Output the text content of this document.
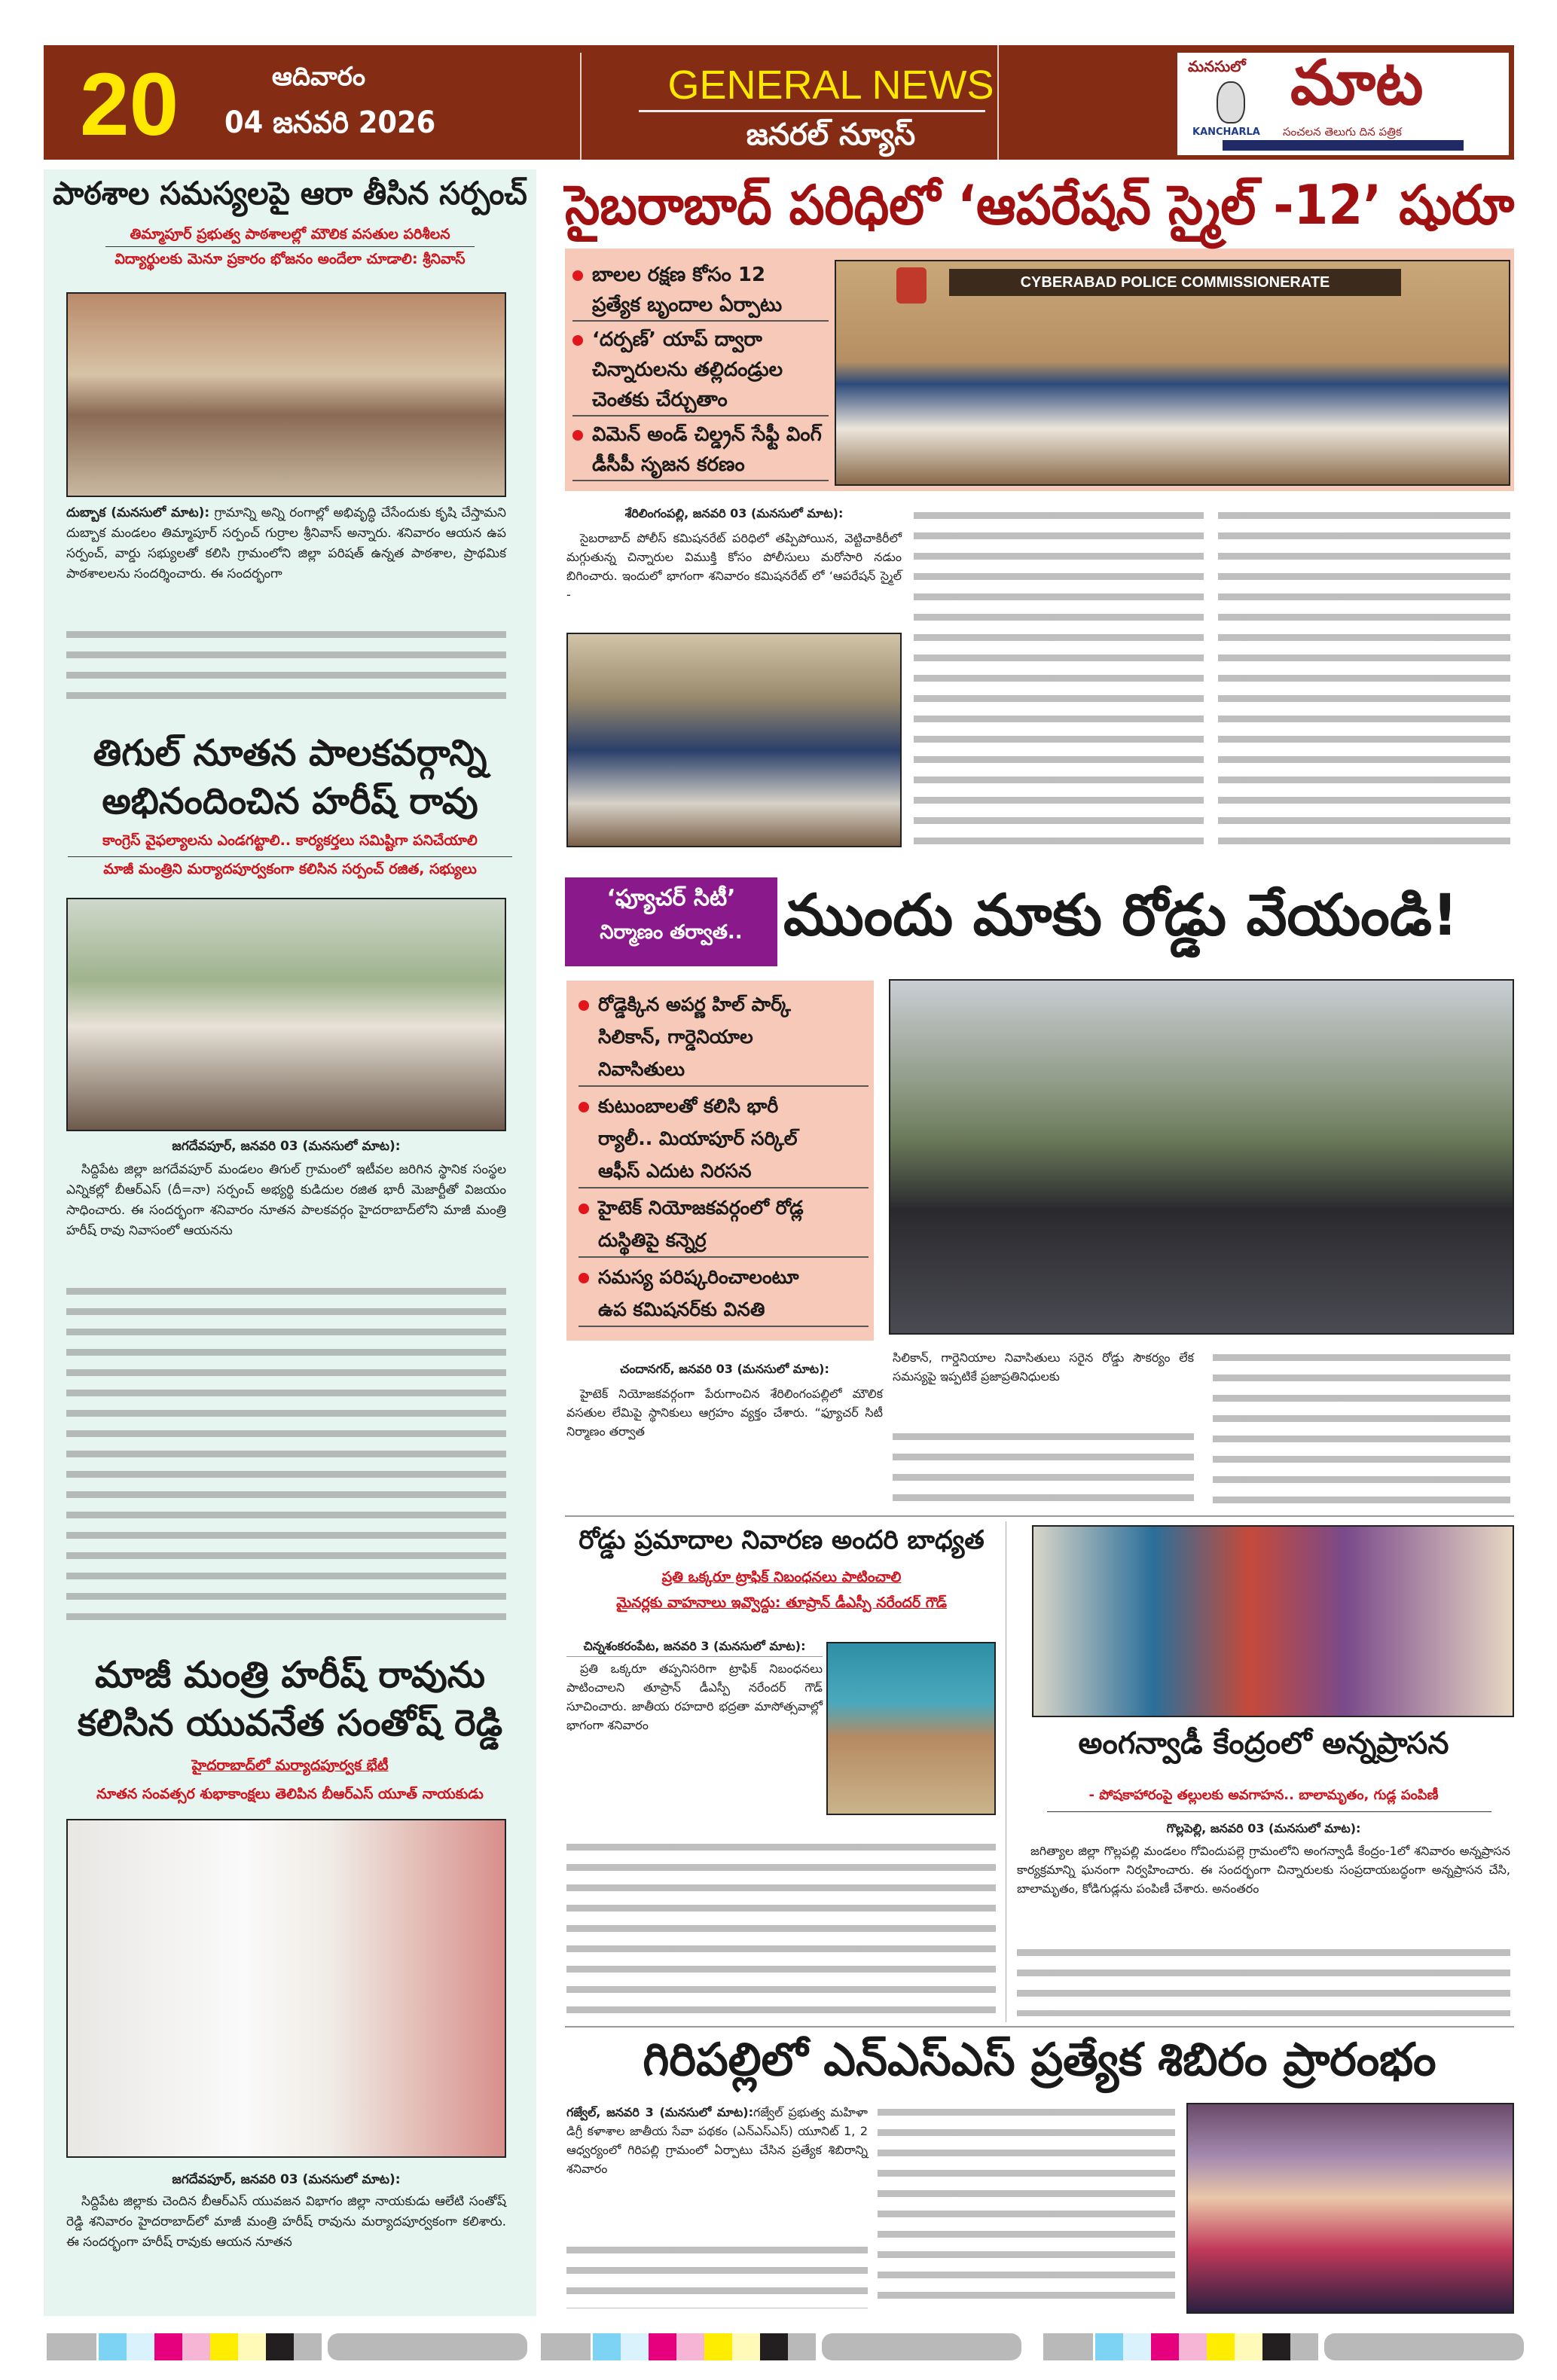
20	ఆదివారం
04 జనవరి 2026
GENERAL NEWS
జనరల్ న్యూస్
మనసులో మాట
KANCHARLA	సంచలన తెలుగు దిన పత్రిక
పాఠశాల సమస్యలపై ఆరా తీసిన సర్పంచ్
తిమ్మాపూర్ ప్రభుత్వ పాఠశాలల్లో మౌలిక వసతుల పరిశీలన
విద్యార్థులకు మెనూ ప్రకారం భోజనం అందేలా చూడాలి: శ్రీనివాస్
దుబ్బాక (మనసులో మాట): గ్రామాన్ని అన్ని రంగాల్లో అభివృద్ధి చేసేందుకు కృషి చేస్తామని దుబ్బాక మండలం తిమ్మాపూర్ సర్పంచ్ గుర్రాల శ్రీనివాస్ అన్నారు. శనివారం ఆయన ఉప సర్పంచ్, వార్డు సభ్యులతో కలిసి గ్రామంలోని జిల్లా పరిషత్ ఉన్నత పాఠశాల, ప్రాథమిక పాఠశాలలను సందర్శించారు. ఈ సందర్భంగా
తిగుల్ నూతన పాలకవర్గాన్ని
అభినందించిన హరీష్ రావు
కాంగ్రెస్ వైఫల్యాలను ఎండగట్టాలి.. కార్యకర్తలు సమిష్టిగా పనిచేయాలి
మాజీ మంత్రిని మర్యాదపూర్వకంగా కలిసిన సర్పంచ్ రజిత, సభ్యులు
జగదేవపూర్, జనవరి 03 (మనసులో మాట):
సిద్దిపేట జిల్లా జగదేవపూర్ మండలం తిగుల్ గ్రామంలో ఇటీవల జరిగిన స్థానిక సంస్థల ఎన్నికల్లో బీఆర్ఎస్ (దీ=నా) సర్పంచ్ అభ్యర్థి కుడిదుల రజిత భారీ మెజార్టీతో విజయం సాధించారు. ఈ సందర్భంగా శనివారం నూతన పాలకవర్గం హైదరాబాద్‌లోని మాజీ మంత్రి హరీష్ రావు నివాసంలో ఆయనను
మాజీ మంత్రి హరీష్ రావును
కలిసిన యువనేత సంతోష్ రెడ్డి
హైదరాబాద్‌లో మర్యాదపూర్వక భేటీ
నూతన సంవత్సర శుభాకాంక్షలు తెలిపిన బీఆర్ఎస్ యూత్ నాయకుడు
జగదేవపూర్, జనవరి 03 (మనసులో మాట):
సిద్దిపేట జిల్లాకు చెందిన బీఆర్ఎస్ యువజన విభాగం జిల్లా నాయకుడు ఆలేటి సంతోష్ రెడ్డి శనివారం హైదరాబాద్‌లో మాజీ మంత్రి హరీష్ రావును మర్యాదపూర్వకంగా కలిశారు. ఈ సందర్భంగా హరీష్ రావుకు ఆయన నూతన
సైబరాబాద్ పరిధిలో ‘ఆపరేషన్ స్మైల్ -12’ షురూ
బాలల రక్షణ కోసం 12
ప్రత్యేక బృందాల ఏర్పాటు
‘దర్పణ్’ యాప్ ద్వారా
చిన్నారులను తల్లిదండ్రుల
చెంతకు చేర్చుతాం
విమెన్ అండ్ చిల్డ్రన్ సేఫ్టీ వింగ్
డీసీపీ సృజన కరణం
CYBERABAD POLICE COMMISSIONERATE
శేరిలింగంపల్లి, జనవరి 03 (మనసులో మాట):
సైబరాబాద్ పోలీస్ కమిషనరేట్ పరిధిలో తప్పిపోయిన, వెట్టిచాకిరీలో మగ్గుతున్న చిన్నారుల విముక్తి కోసం పోలీసులు మరోసారి నడుం బిగించారు. ఇందులో భాగంగా శనివారం కమిషనరేట్ లో ‘ఆపరేషన్ స్మైల్ -
‘ఫ్యూచర్ సిటీ’
నిర్మాణం తర్వాత.. ముందు మాకు రోడ్డు వేయండి!
రోడ్డెక్కిన అపర్ణ హిల్ పార్క్
సిలికాన్, గార్డెనియాల
నివాసితులు
కుటుంబాలతో కలిసి భారీ
ర్యాలీ.. మియాపూర్ సర్కిల్
ఆఫీస్ ఎదుట నిరసన
హైటెక్ నియోజకవర్గంలో రోడ్ల
దుస్థితిపై కన్నెర్ర
సమస్య పరిష్కరించాలంటూ
ఉప కమిషనర్‌కు వినతి
చందానగర్, జనవరి 03 (మనసులో మాట):
హైటెక్ నియోజకవర్గంగా పేరుగాంచిన శేరిలింగంపల్లిలో మౌలిక వసతుల లేమిపై స్థానికులు ఆగ్రహం వ్యక్తం చేశారు. “ఫ్యూచర్ సిటీ నిర్మాణం తర్వాత
సిలికాన్, గార్డెనియాల నివాసితులు సరైన రోడ్డు సౌకర్యం లేక సమస్యపై ఇప్పటికే ప్రజాప్రతినిధులకు
రోడ్డు ప్రమాదాల నివారణ అందరి బాధ్యత
ప్రతి ఒక్కరూ ట్రాఫిక్ నిబంధనలు పాటించాలి
మైనర్లకు వాహనాలు ఇవ్వొద్దు: తూప్రాన్ డీఎస్పీ నరేందర్ గౌడ్
చిన్నశంకరంపేట, జనవరి 3 (మనసులో మాట):
ప్రతి ఒక్కరూ తప్పనిసరిగా ట్రాఫిక్ నిబంధనలు పాటించాలని తూప్రాన్ డీఎస్పీ నరేందర్ గౌడ్ సూచించారు. జాతీయ రహదారి భద్రతా మాసోత్సవాల్లో భాగంగా శనివారం
అంగన్వాడీ కేంద్రంలో అన్నప్రాసన
- పోషకాహారంపై తల్లులకు అవగాహన.. బాలామృతం, గుడ్ల పంపిణీ
గొల్లపెల్లి, జనవరి 03 (మనసులో మాట):
జగిత్యాల జిల్లా గొల్లపల్లి మండలం గోవిందుపల్లె గ్రామంలోని అంగన్వాడీ కేంద్రం-1లో శనివారం అన్నప్రాసన కార్యక్రమాన్ని ఘనంగా నిర్వహించారు. ఈ సందర్భంగా చిన్నారులకు సంప్రదాయబద్ధంగా అన్నప్రాసన చేసి, బాలామృతం, కోడిగుడ్లను పంపిణీ చేశారు. అనంతరం
గిరిపల్లిలో ఎన్ఎస్ఎస్ ప్రత్యేక శిబిరం ప్రారంభం
గజ్వేల్, జనవరి 3 (మనసులో మాట):గజ్వేల్ ప్రభుత్వ మహిళా డిగ్రీ కళాశాల జాతీయ సేవా పథకం (ఎన్ఎస్ఎస్) యూనిట్ 1, 2 ఆధ్వర్యంలో గిరిపల్లి గ్రామంలో ఏర్పాటు చేసిన ప్రత్యేక శిబిరాన్ని శనివారం
